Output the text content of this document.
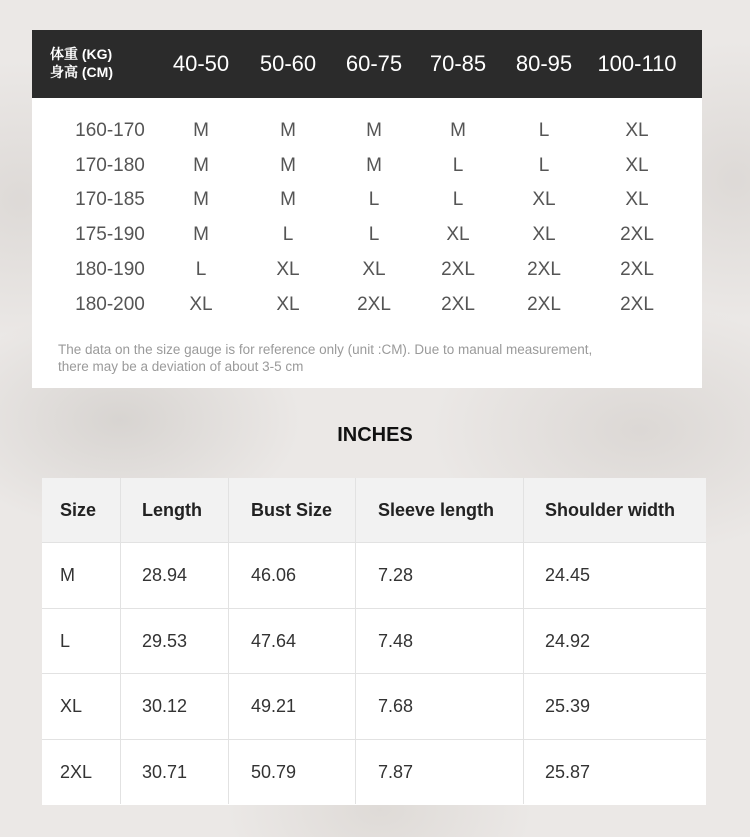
体重 (KG)
身高 (CM)	40-50	50-60	60-75	70-85	80-95	100-110
160-170	M	M	M	M	L	XL
170-180	M	M	M	L	L	XL
170-185	M	M	L	L	XL	XL
175-190	M	L	L	XL	XL	2XL
180-190	L	XL	XL	2XL	2XL	2XL
180-200	XL	XL	2XL	2XL	2XL	2XL
The data on the size gauge is for reference only (unit :CM). Due to manual measurement,
there may be a deviation of about 3-5 cm
INCHES
Size	Length	Bust Size	Sleeve length	Shoulder width
M	28.94	46.06	7.28	24.45
L	29.53	47.64	7.48	24.92
XL	30.12	49.21	7.68	25.39
2XL	30.71	50.79	7.87	25.87
